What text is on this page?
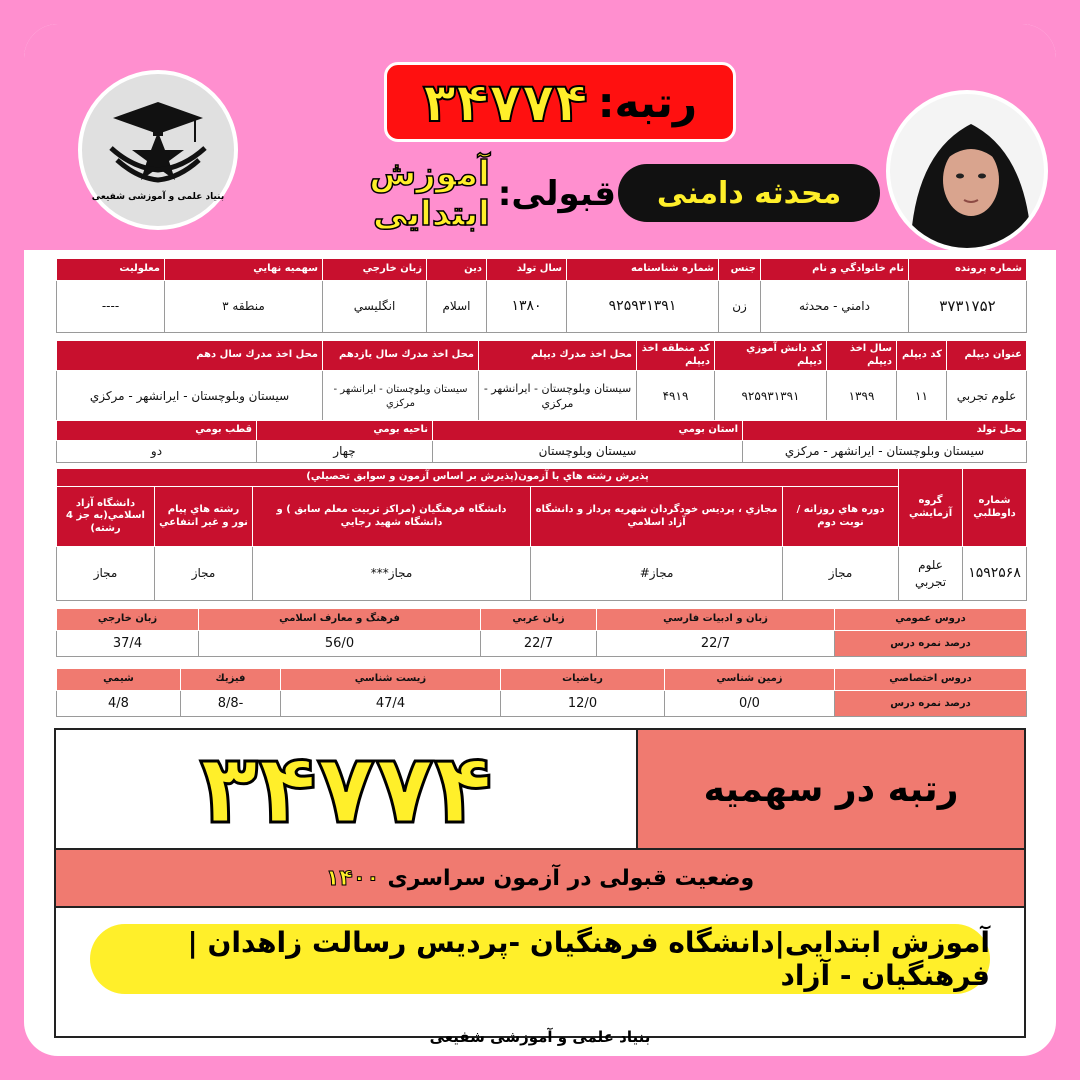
بنیاد علمی و آموزشی شفیعی
رتبه:
۳۴۷۷۴
محدثه دامنی
قبولی:
آموزش ابتدایی
شماره پرونده	نام خانوادگي و نام	جنس	شماره شناسنامه	سال تولد	دين	زبان خارجي	سهميه نهايي	معلوليت
۳۷۳۱۷۵۲	دامني - محدثه	زن	۹۲۵۹۳۱۳۹۱	۱۳۸۰	اسلام	انگليسي	منطقه ۳	----
عنوان ديپلم	كد ديپلم	سال اخذ ديپلم	كد دانش آموزي ديپلم	كد منطقه اخذ ديپلم	محل اخذ مدرك ديپلم	محل اخذ مدرك سال يازدهم	محل اخذ مدرك سال دهم
علوم تجربي	۱۱	۱۳۹۹	۹۲۵۹۳۱۳۹۱	۴۹۱۹	سيستان وبلوچستان - ايرانشهر - مركزي	سيستان وبلوچستان - ايرانشهر - مركزي	سيستان وبلوچستان - ايرانشهر - مركزي
محل تولد	استان بومي	ناحيه بومي	قطب بومي
سيستان وبلوچستان - ايرانشهر - مركزي	سيستان وبلوچستان	چهار	دو
شماره داوطلبي	گروه آزمايشي	پذيرش رشته هاي با آزمون(پذيرش بر اساس آزمون و سوابق تحصيلي)				
		دوره هاي روزانه / نوبت دوم	مجازي ، پرديس خودگردان شهريه پرداز و دانشگاه آزاد اسلامي	دانشگاه فرهنگيان (مراكز تربيت معلم سابق ) و دانشگاه شهيد رجايي	رشته هاي پيام نور و غير انتفاعي	دانشگاه آزاد اسلامي(به جز 4 رشته)
۱۵۹۲۵۶۸	علوم تجربي	مجاز	مجاز#	مجاز***	مجاز	مجاز
دروس عمومي	زبان و ادبيات فارسي	زبان عربي	فرهنگ و معارف اسلامي	زبان خارجي
درصد نمره درس	22/7	22/7	56/0	37/4
دروس اختصاصي	زمين شناسي	رياضيات	زيست شناسي	فيزيك	شيمي
درصد نمره درس	0/0	12/0	47/4	-8/8	4/8
۳۴۷۷۴	رتبه در سهمیه
وضعیت قبولی در آزمون سراسری
۱۴۰۰
آموزش ابتدایی|دانشگاه فرهنگیان -پردیس رسالت زاهدان | فرهنگیان - آزاد
بنیاد علمی و آموزشی شفیعی
